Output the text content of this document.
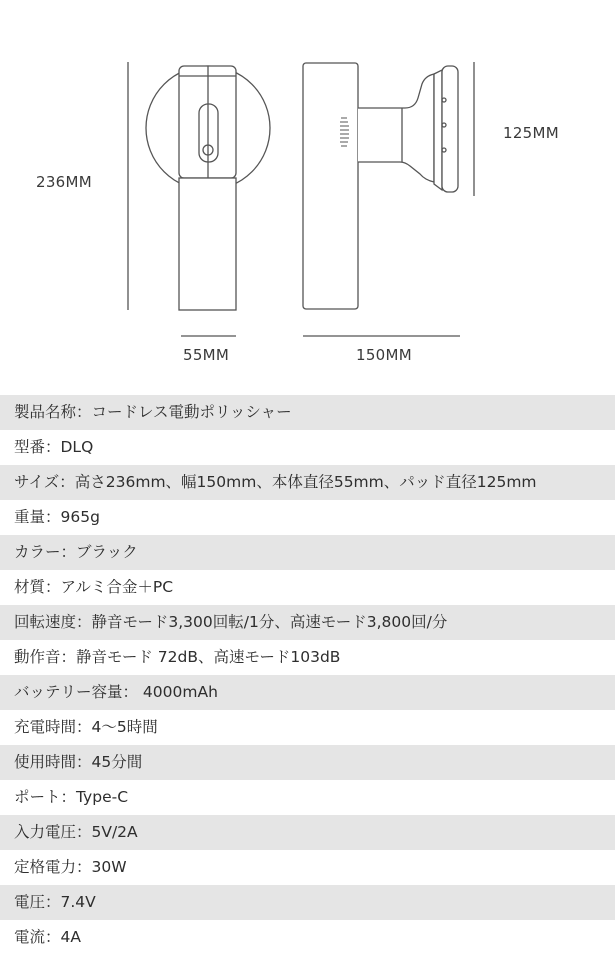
236MM
55MM	150MM
125MM
製品名称：コードレス電動ポリッシャー
型番：DLQ
サイズ：高さ236mm、幅150mm、本体直径55mm、パッド直径125mm
重量：965g
カラー：ブラック
材質：アルミ合金＋PC
回転速度：静音モード3,300回転/1分、高速モード3,800回/分
動作音：静音モード 72dB、高速モード103dB
バッテリー容量： 4000mAh
充電時間：4〜5時間
使用時間：45分間
ポート：Type-C
入力電圧：5V/2A
定格電力：30W
電圧：7.4V
電流：4A
